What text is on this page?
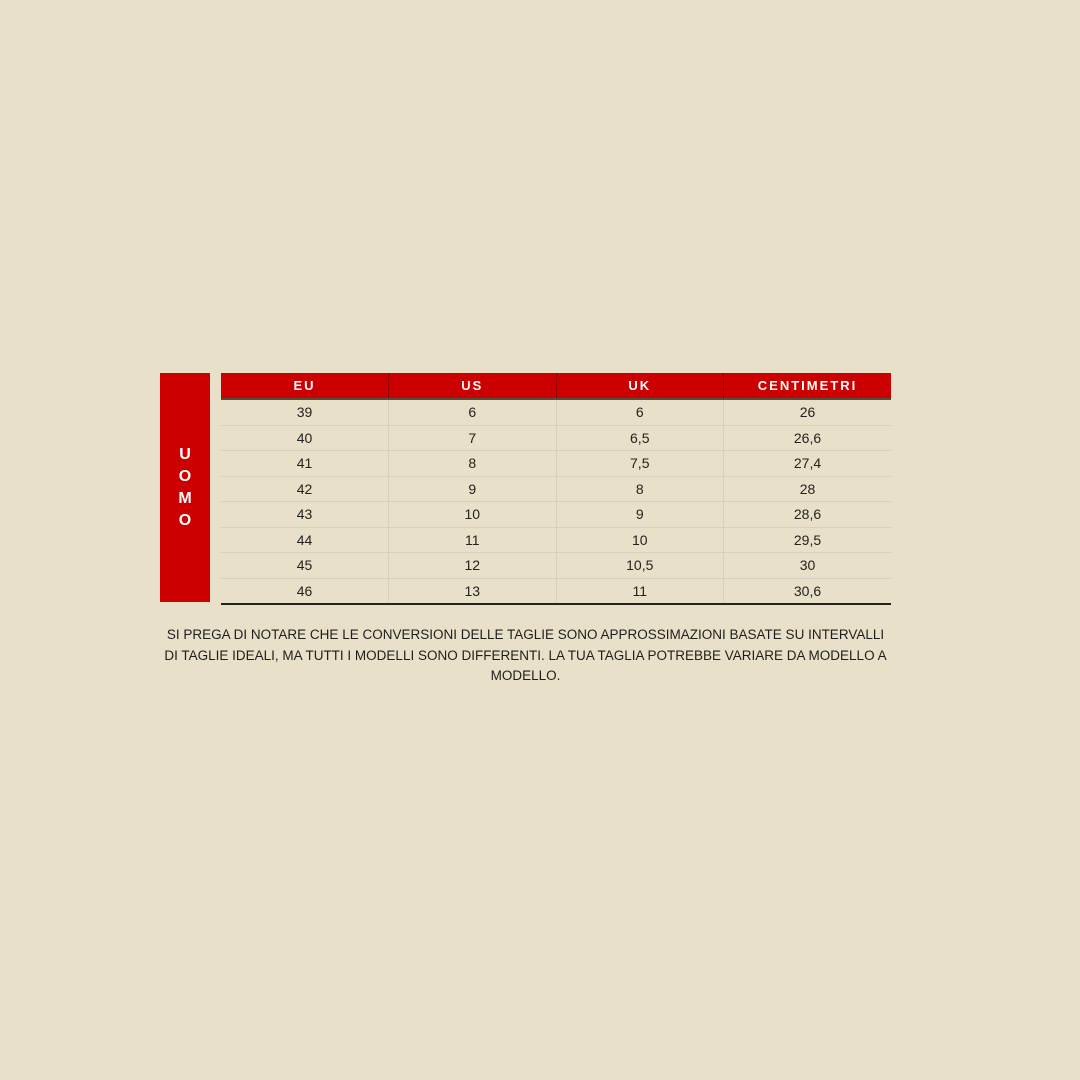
U
O
M
O
EU	US	UK	CENTIMETRI
39	6	6	26
40	7	6,5	26,6
41	8	7,5	27,4
42	9	8	28
43	10	9	28,6
44	11	10	29,5
45	12	10,5	30
46	13	11	30,6

SI PREGA DI NOTARE CHE LE CONVERSIONI DELLE TAGLIE SONO APPROSSIMAZIONI BASATE SU INTERVALLI DI TAGLIE IDEALI, MA TUTTI I MODELLI SONO DIFFERENTI. LA TUA TAGLIA POTREBBE VARIARE DA MODELLO A MODELLO.
